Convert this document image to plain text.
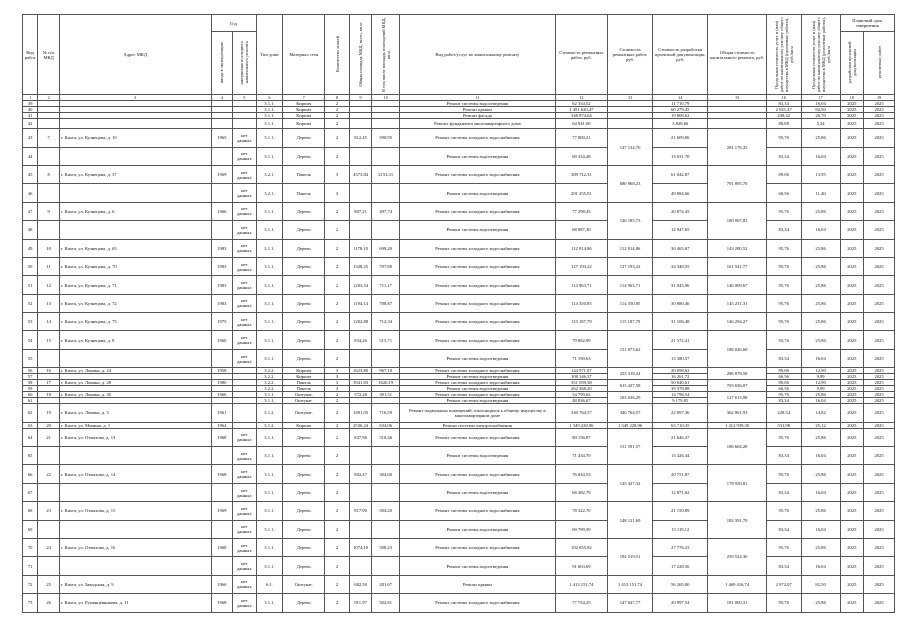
Вид работ	№ п/п МКД	Адрес МКД	Год		Тип дома	Материал стен	Количество этажей	Общая площадь МКД, всего, кв.м.	В том числе площадь помещений МКД, кв.м.	Вид работ/услуг по капитальному ремонту	Стоимость ремонтных работ, руб.	Стоимость ремонтных работ, руб.	Стоимость разработки проектной документации, руб.	Общая стоимость капитального ремонта, руб.	Предельная стоимость услуг и (или) работ по капитальному ремонту общего имущества в МКД (проектные работы), руб./кв.м	Предельная стоимость услуг и (или) работ по капитальному ремонту общего имущества в МКД (ремонтные работы), руб./кв.м	Плановый срок завершения	
			ввода в эксплуатацию	завершения последнего капитального ремонта													разработки проектной документации	ремонтных работ
1	2	3	4	5	6	7	8	9	10	11	12	13	14	15	16	17	18	19
39					3.1.1.	Кирпич	2			Ремонт системы водоотведения	62 354,52		11 710,79		83,34	16,04	2025	2025
40					3.1.1.	Кирпич	2			Ремонт крыши	1 491 620,47		60 279,45		2 041,47	82,50	2025	2025
41					3.1.1.	Кирпич	2			Ремонт фасада	348 874,64		19 808,62		438,42	26,70	2025	2025
42					3.1.1.	Кирпич	2			Ремонт фундамента многоквартирного дома	64 941,06		3 828,66		88,88	5,24	2025	2025
43	7	г. Кяхта, ул. Кузнецова, д. 10	1965	нет данных	3.1.1.	Дерево	2	812,45	590,95	Ремонт системы холодного водоснабжения	77 800,21	147 134,70	21 609,06	281 176,35	95,76	25,86	2025	2025
44				нет данных	3.1.1.	Дерево	2			Ремонт системы водоотведения	69 334,48		13 031,70		83,34	16,04	2025	2025
45	8	г. Кяхта, ул. Кузнецова, д. 37	1969	нет данных	3.2.1.	Панель	3	4373,84	2153,31	Ремонт системы холодного водоснабжения	389 712,31	680 968,23	61 042,87	791 895,76	89,06	13,95	2025	2025
46				нет данных	3.2.1.	Панель	3			Ремонт системы водоотведения	291 255,91		49 884,66		66,56	11,40	2025	2025
47	9	г. Кяхта, ул. Кузнецова, д. 6	1966	нет данных	3.1.1.	Дерево	2	807,21	497,74	Ремонт системы холодного водоснабжения	77 298,43	146 185,73	20 874,45	180 007,83	95,76	25,86	2025	2025
48				нет данных	3.1.1.	Дерево	2			Ремонт системы водоотведения	68 887,30		12 947,65		83,34	16,04	2025	2025
49	10	г. Кяхта, ул. Кузнецова, д. 65	1983	нет данных	2.1.1.	Дерево	2	1178,10	699,20	Ремонт системы холодного водоснабжения	112 814,86	112 814,86	30 465,67	143 280,52	95,76	25,86	2025	2025
50	11	г. Кяхта, ул. Кузнецова, д. 70	1983	нет данных	3.1.1.	Дерево	2	1328,25	797,80	Ремонт системы холодного водоснабжения	127 193,22	127 193,22	34 348,55	161 541,77	95,76	25,86	2025	2025
51	12	г. Кяхта, ул. Кузнецова, д. 71	1983	нет данных	3.1.1.	Дерево	2	1203,54	711,17	Ремонт системы холодного водоснабжения	114 963,71	114 963,71	31 045,96	146 009,67	95,76	25,86	2025	2025
52	13	г. Кяхта, ул. Кузнецова, д. 72	1983	нет данных	3.1.1.	Дерево	2	1194,14	708,87	Ремонт системы холодного водоснабжения	114 350,85	114 350,85	30 880,46	145 231,31	95,76	25,86	2025	2025
53	14	г. Кяхта, ул. Кузнецова, д. 75	1975	нет данных	3.1.1.	Дерево	2	1202,88	712,34	Ремонт системы холодного водоснабжения	115 187,79	115 187,79	31 106,48	146 294,27	95,76	25,86	2025	2025
54	15	г. Кяхта, ул. Кузнецова, д. 8	1960	нет данных	3.1.1.	Дерево	2	834,26	515,71	Ремонт системы холодного водоснабжения	79 882,99	151 073,62	21 572,41	186 026,60	95,76	25,86	2025	2025
55				нет данных	3.1.1.	Дерево	2			Ремонт системы водоотведения	71 190,63		13 380,57		83,34	16,04	2025	2025
56	16	г. Кяхта, ул. Ленина, д. 24	1958		3.2.2.	Кирпич	3	1623,80	967,10	Ремонт системы холодного водоснабжения	144 971,87	253 318,24	20 098,62	286 878,58	89,06	12,90	2025	2025
57					3.2.2.	Кирпич	3			Ремонт системы водоотведения	108 346,37		16 261,72		66,56	9,99	2023	2025
58	17	г. Кяхта, ул. Ленина, д. 28	1980		3.2.2.	Панель	3	3941,83	1620,19	Ремонт системы холодного водоснабжения	351 059,38	613 427,58	50 840,61	703 656,07	89,06	12,90	2025	2025
59					3.2.2.	Панель	3			Ремонт системы водоотведения	262 368,20		39 378,88		66,56	9,99	2025	2025
60	18	г. Кяхта, ул. Ленина, д. 45	1966		3.1.1.	Оштукат.	2	572,26	391,51	Ремонт системы холодного водоснабжения	54 799,62	103 636,29	14 798,54	127 613,98	95,76	25,86	2025	2025
61					3.1.1.	Оштукат.	2			Ремонт системы водоотведения	48 836,67		9 179,05		83,34	16,04	2025	2025
62	19	г. Кяхта, ул. Ленина, д. 5	1961		3.1.2.	Оштукат.	2	1491,05	716,59	Ремонт подвальных помещений, относящихся к общему имуществу в многоквартирном доме	340 764,57	340 764,57	22 097,36	362 861,93	228,54	14,82	2025	2025
63	20	г. Кяхта, ул. Минина, д. 1	1964		3.1.2.	Кирпич	2	2536,24	634,06	Ремонт системы электроснабжения	1 349 228,96	1 349 228,96	63 710,35	1 412 939,30	531,98	25,12	2025	2025
64	21	г. Кяхта, ул. Отмахова, д. 13	1968	нет данных	3.1.1.	Дерево	2	837,96	518,46	Ремонт системы холодного водоснабжения	80 156,87	151 591,57	21 646,37	186 664,28	95,76	25,86	2025	2025
65				нет данных	3.1.1.	Дерево	2			Ремонт системы водоотведения	71 434,70		13 426,44		83,34	16,04	2025	2025
66	22	г. Кяхта, ул. Отмахова, д. 14	1968	нет данных	3.1.1.	Дерево	2	802,47	304,60	Ремонт системы холодного водоснабжения	76 844,53	145 327,32	20 751,87	178 950,81	95,76	25,86	2025	2025
67				нет данных	3.1.1.	Дерево	2			Ремонт системы водоотведения	68 482,79		12 871,62		83,34	16,04	2025	2025
68	23	г. Кяхта, ул. Отмахова, д. 15	1969	нет данных	3.1.1.	Дерево	2	817,90	504,20	Ремонт системы холодного водоснабжения	78 322,70	148 121,69	21 150,89	182 391,70	95,76	25,86	2025	2025
69				нет данных	3.1.1.	Дерево	2			Ремонт системы водоотведения	69 799,59		13 119,12		83,34	16,04	2025	2025
70	24	г. Кяхта, ул. Отмахова, д. 16	1968	нет данных	3.1.1.	Дерево	2	1074,10	508,23	Ремонт системы холодного водоснабжения	102 855,82	194 519,51	27 776,23	239 524,30	95,76	25,86	2025	2025
71				нет данных	3.1.1.	Дерево	2			Ремонт системы водоотведения	91 663,69		17 228,56		83,34	16,04	2025	2025
72	25	г. Кяхта, ул. Заводская, д. 9	1966	нет данных	6.1.	Оштукат.	2	682,50	281,67	Ремонт крыши	1 413 151,74	1 413 151,74	56 265,00	1 469 416,74	2 072,07	82,50	2025	2025
73	26	г. Кяхта, ул. Румянцевникова, д. 11	1968	нет данных	3.1.1.	Дерево	2	811,97	502,81	Ремонт системы холодного водоснабжения	77 754,25	147 047,77	20 997,54	181 069,31	95,76	25,86	2025	2025
